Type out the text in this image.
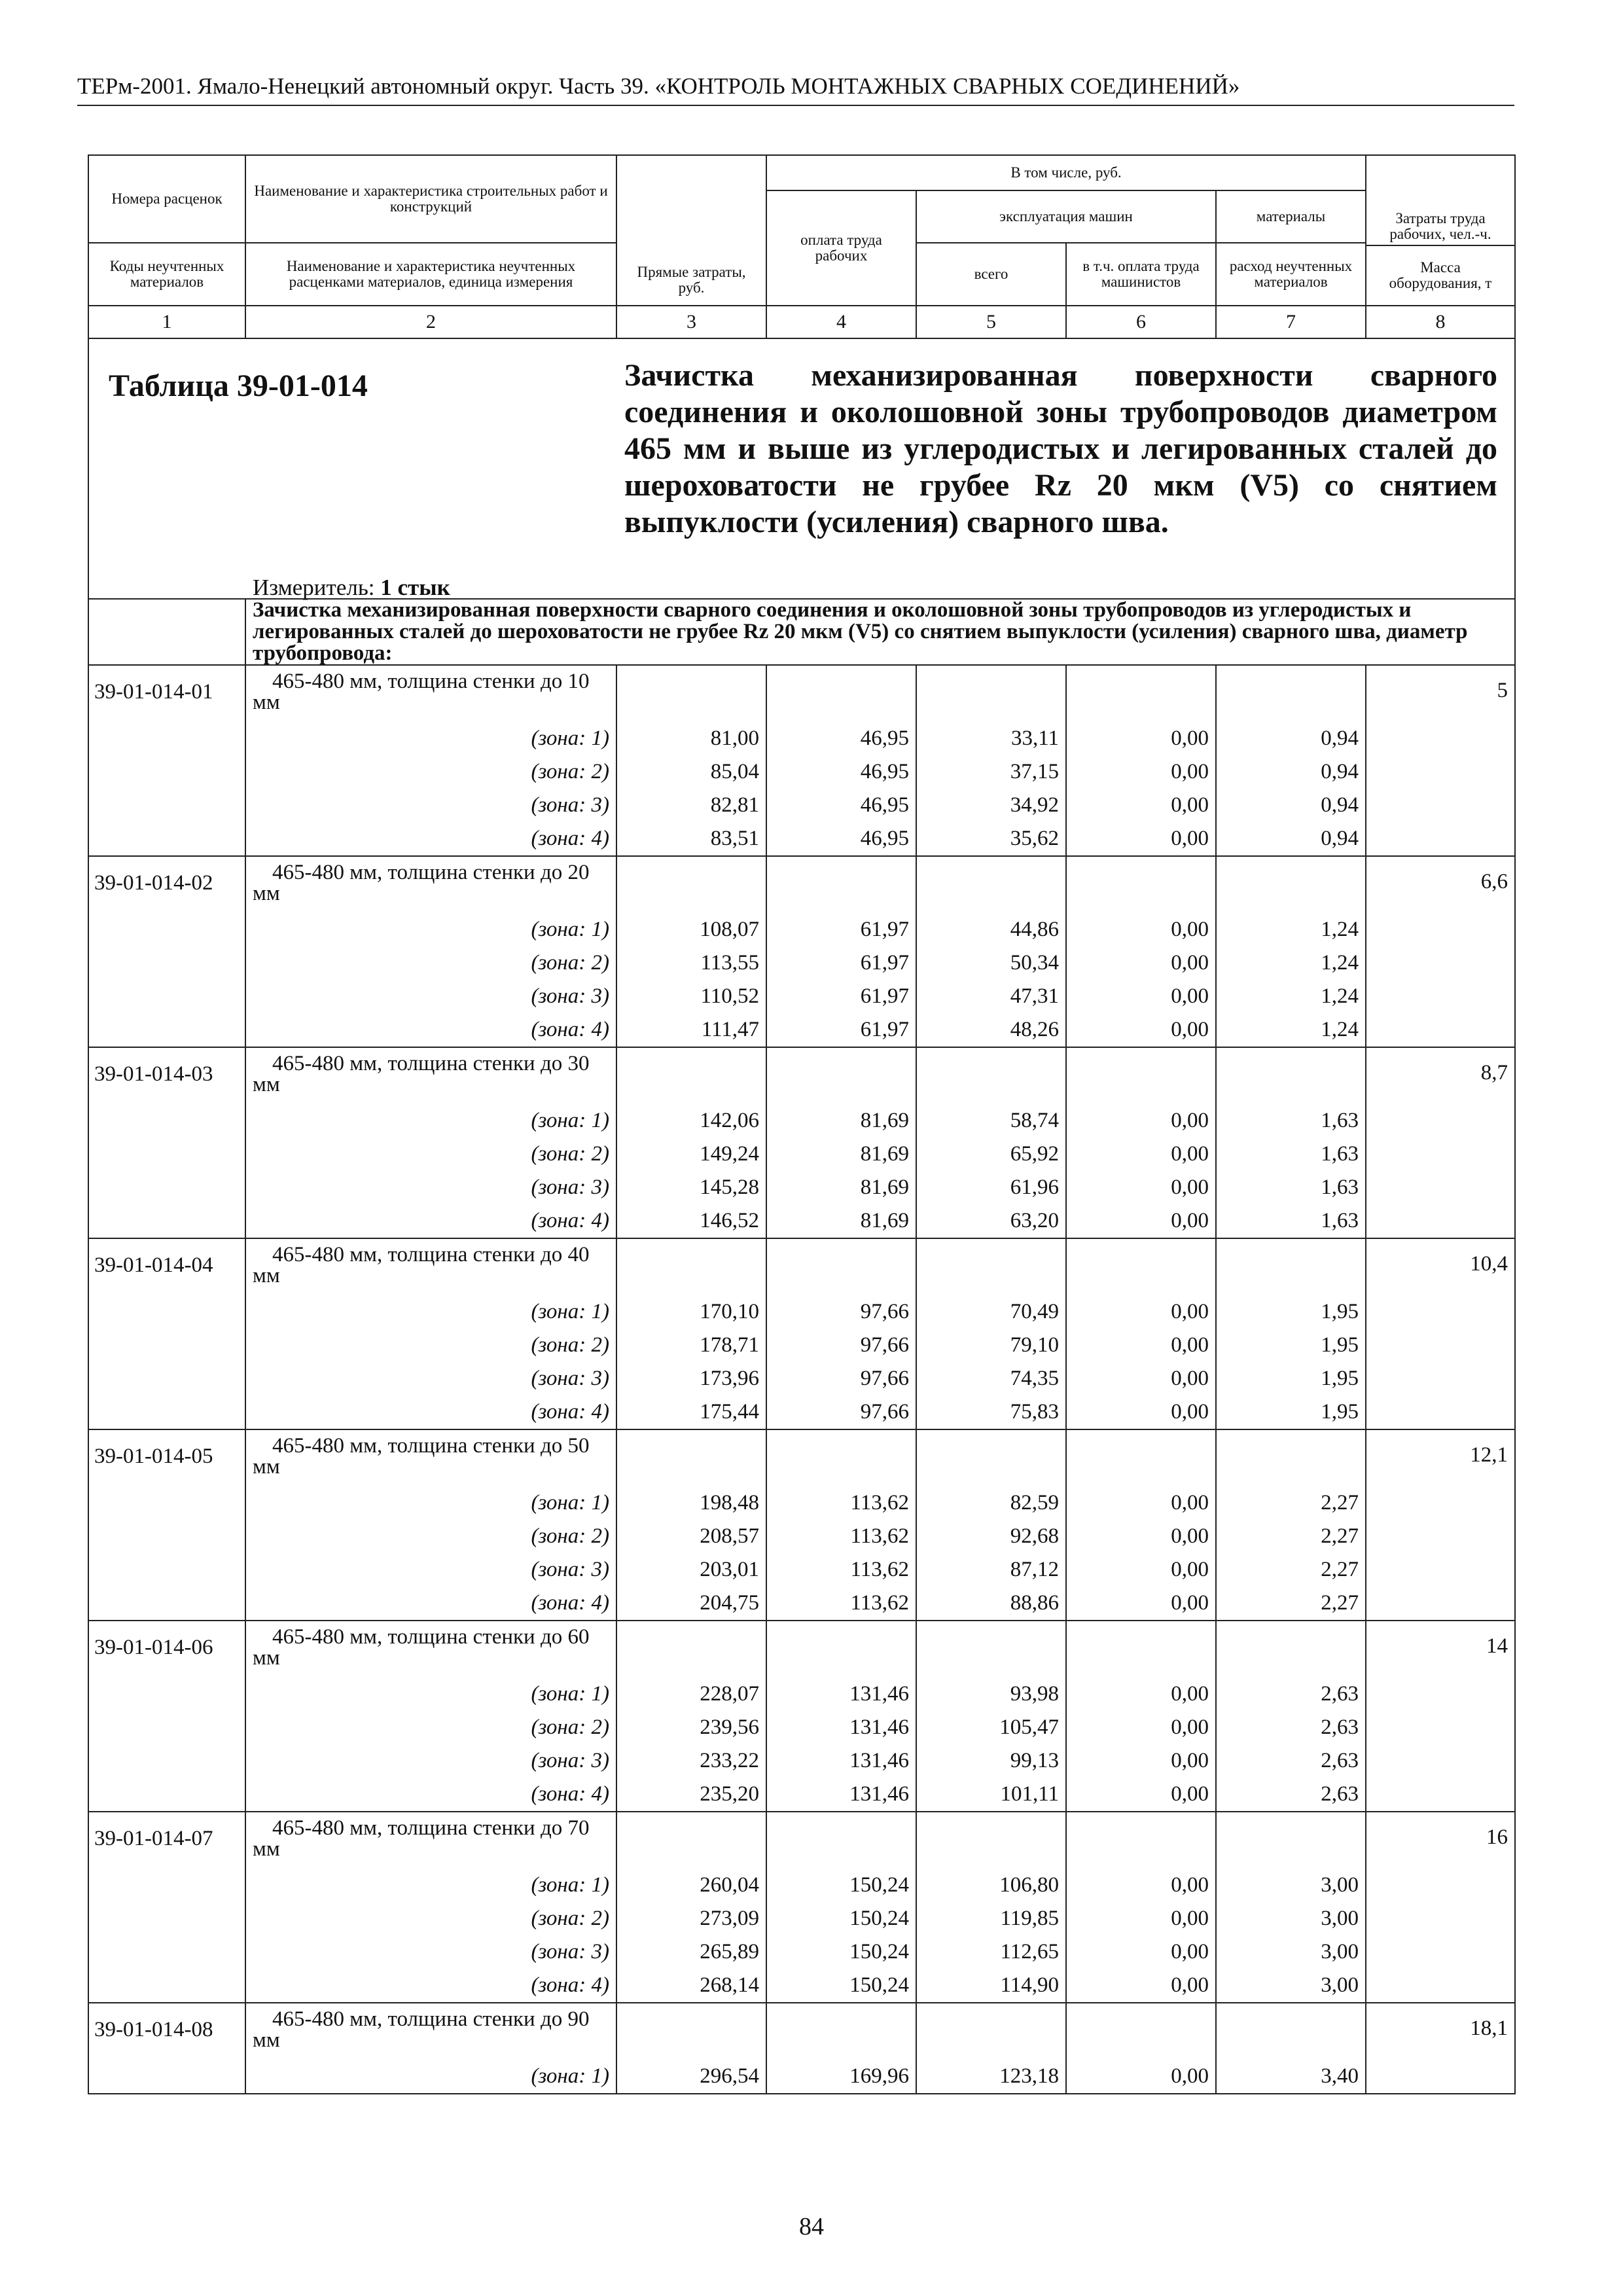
ТЕРм-2001. Ямало-Ненецкий автономный округ. Часть 39. «КОНТРОЛЬ МОНТАЖНЫХ СВАРНЫХ СОЕДИНЕНИЙ»
Номера расценок	Наименование и характеристика строительных работ и конструкций	Прямые затраты, руб.	В том числе, руб.				Затраты труда рабочих, чел.-ч.
			оплата труда рабочих	эксплуатация машин		материалы	
Коды неучтенных материалов	Наименование и характеристика неучтенных расценками материалов, единица измерения			всего	в т.ч. оплата труда машинистов	расход неучтенных материалов	
							Масса оборудования, т
1	2	3	4	5	6	7	8

Таблица 39-01-014 Зачистка механизированная поверхности сварного соединения и околошовной зоны трубопроводов диаметром 465 мм и выше из углеродистых и легированных сталей до шероховатости не грубее Rz 20 мкм (V5) со снятием выпуклости (усиления) сварного шва.
Измеритель: 1 стык							

	Зачистка механизированная поверхности сварного соединения и околошовной зоны трубопроводов из углеродистых и легированных сталей до шероховатости не грубее Rz 20 мкм (V5) со снятием выпуклости (усиления) сварного шва, диаметр трубопровода:						
39-01-014-01	465-480 мм, толщина стенки до 10 мм						5
	(зона: 1)	81,00	46,95	33,11	0,00	0,94	
	(зона: 2)	85,04	46,95	37,15	0,00	0,94	
	(зона: 3)	82,81	46,95	34,92	0,00	0,94	
	(зона: 4)	83,51	46,95	35,62	0,00	0,94	
39-01-014-02	465-480 мм, толщина стенки до 20 мм						6,6
	(зона: 1)	108,07	61,97	44,86	0,00	1,24	
	(зона: 2)	113,55	61,97	50,34	0,00	1,24	
	(зона: 3)	110,52	61,97	47,31	0,00	1,24	
	(зона: 4)	111,47	61,97	48,26	0,00	1,24	
39-01-014-03	465-480 мм, толщина стенки до 30 мм						8,7
	(зона: 1)	142,06	81,69	58,74	0,00	1,63	
	(зона: 2)	149,24	81,69	65,92	0,00	1,63	
	(зона: 3)	145,28	81,69	61,96	0,00	1,63	
	(зона: 4)	146,52	81,69	63,20	0,00	1,63	
39-01-014-04	465-480 мм, толщина стенки до 40 мм						10,4
	(зона: 1)	170,10	97,66	70,49	0,00	1,95	
	(зона: 2)	178,71	97,66	79,10	0,00	1,95	
	(зона: 3)	173,96	97,66	74,35	0,00	1,95	
	(зона: 4)	175,44	97,66	75,83	0,00	1,95	
39-01-014-05	465-480 мм, толщина стенки до 50 мм						12,1
	(зона: 1)	198,48	113,62	82,59	0,00	2,27	
	(зона: 2)	208,57	113,62	92,68	0,00	2,27	
	(зона: 3)	203,01	113,62	87,12	0,00	2,27	
	(зона: 4)	204,75	113,62	88,86	0,00	2,27	
39-01-014-06	465-480 мм, толщина стенки до 60 мм						14
	(зона: 1)	228,07	131,46	93,98	0,00	2,63	
	(зона: 2)	239,56	131,46	105,47	0,00	2,63	
	(зона: 3)	233,22	131,46	99,13	0,00	2,63	
	(зона: 4)	235,20	131,46	101,11	0,00	2,63	
39-01-014-07	465-480 мм, толщина стенки до 70 мм						16
	(зона: 1)	260,04	150,24	106,80	0,00	3,00	
	(зона: 2)	273,09	150,24	119,85	0,00	3,00	
	(зона: 3)	265,89	150,24	112,65	0,00	3,00	
	(зона: 4)	268,14	150,24	114,90	0,00	3,00	
39-01-014-08	465-480 мм, толщина стенки до 90 мм						18,1
	(зона: 1)	296,54	169,96	123,18	0,00	3,40	
84
